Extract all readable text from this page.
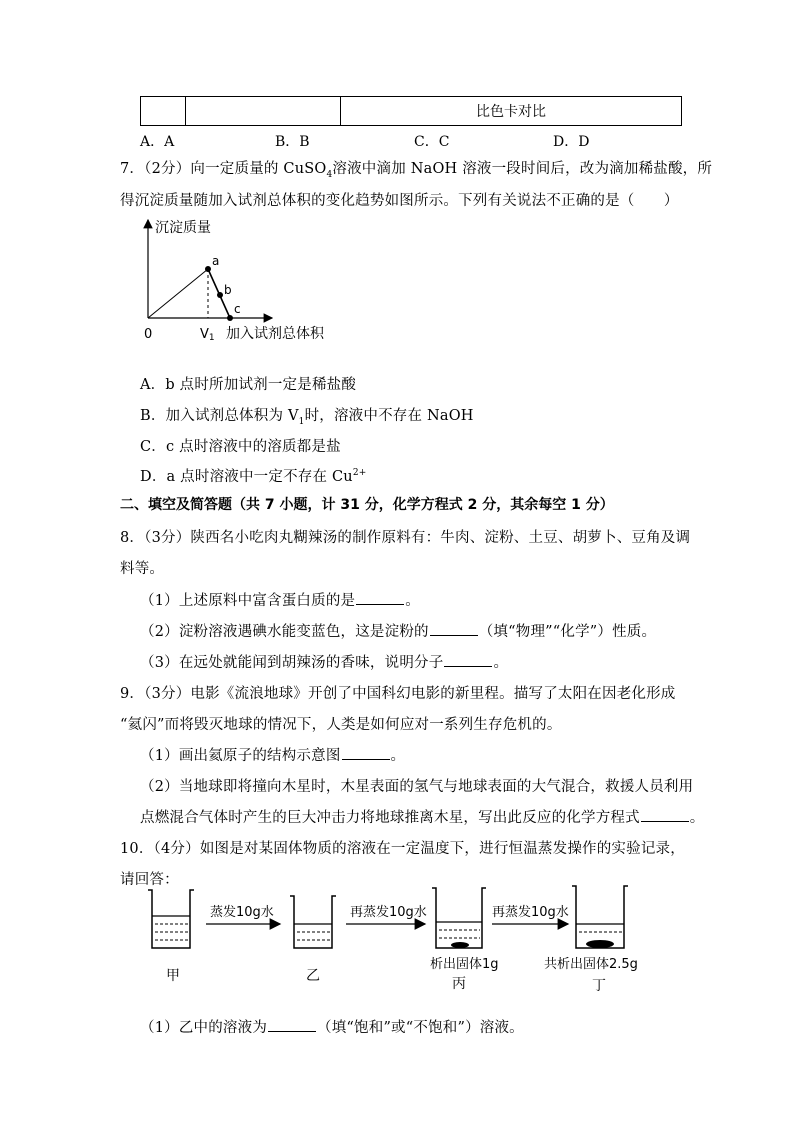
		比色卡对比
A．A	B．B	C．C	D．D
7．（2分）向一定质量的 CuSO$_4$溶液中滴加 NaOH 溶液一段时间后，改为滴加稀盐酸，所
得沉淀质量随加入试剂总体积的变化趋势如图所示。下列有关说法不正确的是（　　）
沉淀质量
a
b
c
0	V1 加入试剂总体积
A．b 点时所加试剂一定是稀盐酸
B．加入试剂总体积为 $V_1$时，溶液中不存在 NaOH
C．c 点时溶液中的溶质都是盐
D．a 点时溶液中一定不存在 $Cu^{2+}$
二、填空及简答题（共 7 小题，计 31 分，化学方程式 2 分，其余每空 1 分）
8．（3分）陕西名小吃肉丸糊辣汤的制作原料有：牛肉、淀粉、土豆、胡萝卜、豆角及调
料等。
（1）上述原料中富含蛋白质的是	。
（2）淀粉溶液遇碘水能变蓝色，这是淀粉的	（填“物理”“化学”）性质。
（3）在远处就能闻到胡辣汤的香味，说明分子	。
9．（3分）电影《流浪地球》开创了中国科幻电影的新里程。描写了太阳在因老化形成
“氦闪”而将毁灭地球的情况下，人类是如何应对一系列生存危机的。
（1）画出氦原子的结构示意图	。
（2）当地球即将撞向木星时，木星表面的氢气与地球表面的大气混合，救援人员利用
点燃混合气体时产生的巨大冲击力将地球推离木星，写出此反应的化学方程式	。
10．（4分）如图是对某固体物质的溶液在一定温度下，进行恒温蒸发操作的实验记录，
请回答：
蒸发10g水	再蒸发10g水	再蒸发10g水
甲	乙
析出固体1g
丙
共析出固体2.5g
丁
（1）乙中的溶液为	（填“饱和”或“不饱和”）溶液。
